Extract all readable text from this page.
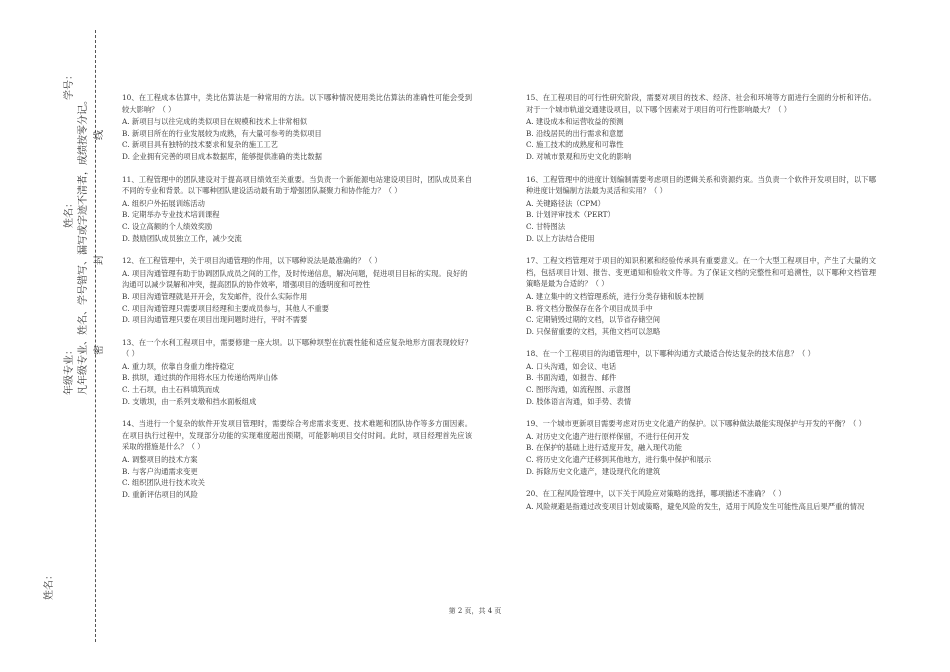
姓名：
年级专业： 凡年级专业、姓名、学号错写、漏写或字迹不清者，成绩按零分记。 密
封
线
姓名：
学号：	10、在工程成本估算中，类比估算法是一种常用的方法。以下哪种情况使用类比估算法的准确性可能会受到较大影响？（ ）

A. 新项目与以往完成的类似项目在规模和技术上非常相似

B. 新项目所在的行业发展较为成熟，有大量可参考的类似项目

C. 新项目具有独特的技术要求和复杂的施工工艺

D. 企业拥有完善的项目成本数据库，能够提供准确的类比数据

11、工程管理中的团队建设对于提高项目绩效至关重要。当负责一个新能源电站建设项目时，团队成员来自不同的专业和背景。以下哪种团队建设活动最有助于增强团队凝聚力和协作能力？（ ）

A. 组织户外拓展训练活动

B. 定期举办专业技术培训课程

C. 设立高额的个人绩效奖励

D. 鼓励团队成员独立工作，减少交流

12、在工程管理中，关于项目沟通管理的作用，以下哪种说法是最准确的？（ ）

A. 项目沟通管理有助于协调团队成员之间的工作，及时传递信息，解决问题，促进项目目标的实现。良好的沟通可以减少误解和冲突，提高团队的协作效率，增强项目的透明度和可控性

B. 项目沟通管理就是开开会，发发邮件，没什么实际作用

C. 项目沟通管理只需要项目经理和主要成员参与，其他人不重要

D. 项目沟通管理只要在项目出现问题时进行，平时不需要

13、在一个水利工程项目中，需要修建一座大坝。以下哪种坝型在抗震性能和适应复杂地形方面表现较好？（ ）

A. 重力坝，依靠自身重力维持稳定

B. 拱坝，通过拱的作用将水压力传递给两岸山体

C. 土石坝，由土石料填筑而成

D. 支墩坝，由一系列支墩和挡水面板组成

14、当进行一个复杂的软件开发项目管理时，需要综合考虑需求变更、技术难题和团队协作等多方面因素。在项目执行过程中，发现部分功能的实现难度超出预期，可能影响项目交付时间。此时，项目经理首先应该采取的措施是什么？（ ）

A. 调整项目的技术方案

B. 与客户沟通需求变更

C. 组织团队进行技术攻关

D. 重新评估项目的风险

15、在工程项目的可行性研究阶段，需要对项目的技术、经济、社会和环境等方面进行全面的分析和评估。对于一个城市轨道交通建设项目，以下哪个因素对于项目的可行性影响最大？（ ）

A. 建设成本和运营收益的预测

B. 沿线居民的出行需求和意愿

C. 施工技术的成熟度和可靠性

D. 对城市景观和历史文化的影响

16、工程管理中的进度计划编制需要考虑项目的逻辑关系和资源约束。当负责一个软件开发项目时，以下哪种进度计划编制方法最为灵活和实用？（ ）

A. 关键路径法（CPM）

B. 计划评审技术（PERT）

C. 甘特图法

D. 以上方法结合使用

17、工程文档管理对于项目的知识积累和经验传承具有重要意义。在一个大型工程项目中，产生了大量的文档，包括项目计划、报告、变更通知和验收文件等。为了保证文档的完整性和可追溯性，以下哪种文档管理策略是最为合适的？（ ）

A. 建立集中的文档管理系统，进行分类存储和版本控制

B. 将文档分散保存在各个项目成员手中

C. 定期销毁过期的文档，以节省存储空间

D. 只保留重要的文档，其他文档可以忽略

18、在一个工程项目的沟通管理中，以下哪种沟通方式最适合传达复杂的技术信息？（ ）

A. 口头沟通，如会议、电话

B. 书面沟通，如报告、邮件

C. 图形沟通，如流程图、示意图

D. 肢体语言沟通，如手势、表情

19、一个城市更新项目需要考虑对历史文化遗产的保护。以下哪种做法最能实现保护与开发的平衡？（ ）

A. 对历史文化遗产进行原样保留，不进行任何开发

B. 在保护的基础上进行适度开发，融入现代功能

C. 将历史文化遗产迁移到其他地方，进行集中保护和展示

D. 拆除历史文化遗产，建设现代化的建筑

20、在工程风险管理中，以下关于风险应对策略的选择，哪项描述不准确？（ ）

A. 风险规避是指通过改变项目计划或策略，避免风险的发生，适用于风险发生可能性高且后果严重的情况

第 2 页，共 4 页
